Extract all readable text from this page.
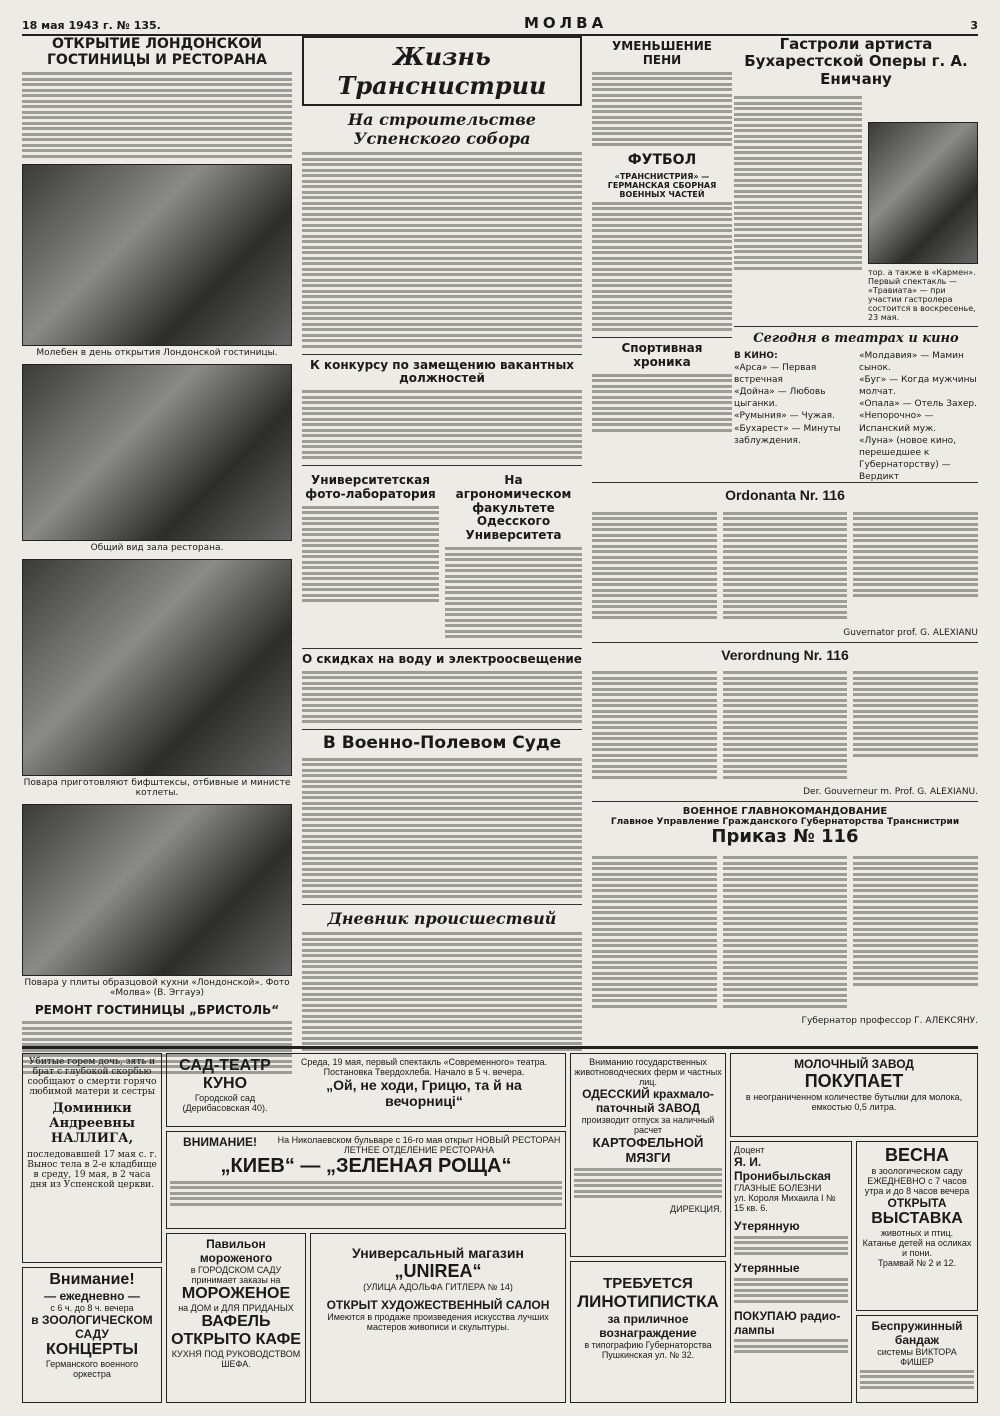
18 мая 1943 г. № 135.	МОЛВА	3
ОТКРЫТИЕ ЛОНДОНСКОЙ ГОСТИНИЦЫ И РЕСТОРАНА
Молебен в день открытия Лондонской гостиницы.
Общий вид зала ресторана.
Повара приготовляют бифштексы, отбивные и министе котлеты.
Повара у плиты образцовой кухни «Лондонской». Фото «Молва» (В. Эггауэ)
РЕМОНТ ГОСТИНИЦЫ „БРИСТОЛЬ“
Жизнь Транснистрии
На строительстве Успенского собора
К конкурсу по замещению вакантных должностей
Университетская фото-лаборатория
На агрономическом факультете Одесского Университета
О скидках на воду и электроосвещение
В Военно-Полевом Суде
Дневник происшествий
УМЕНЬШЕНИЕ ПЕНИ
ФУТБОЛ
«ТРАНСНИСТРИЯ» — ГЕРМАНСКАЯ СБОРНАЯ ВОЕННЫХ ЧАСТЕЙ
Спортивная хроника
Гастроли артиста Бухарестской Оперы г. А. Еничану
тор. а также в «Кармен». Первый спектакль — «Травиата» — при участии гастролера состоится в воскресенье, 23 мая.
Сегодня в театрах и кино
В КИНО:
«Арса» — Первая встречная
«Дойна» — Любовь цыганки.
«Румыния» — Чужая.
«Бухарест» — Минуты заблуждения.
«Молдавия» — Мамин сынок.
«Буг» — Когда мужчины молчат.
«Опала» — Отель Захер.
«Непорочно» — Испанский муж.
«Луна» (новое кино, перешедшее к Губернаторству) — Вердикт
Ordonanta Nr. 116
Guvernator prof. G. ALEXIANU
Verordnung Nr. 116
Der. Gouverneur m. Prof. G. ALEXIANU.
ВОЕННОЕ ГЛАВНОКОМАНДОВАНИЕ
Главное Управление Гражданского Губернаторства Транснистрии
Приказ № 116
Губернатор профессор Г. АЛЕКСЯНУ.
Убитые горем дочь, зять и брат с глубокой скорбью сообщают о смерти горячо любимой матери и сестры
Доминики Андреевны НАЛЛИГА,
последовавшей 17 мая с. г. Вынос тела в 2-е кладбище в среду, 19 мая, в 2 часа дня из Успенской церкви.
Внимание!
— ежедневно —
с 6 ч. до 8 ч. вечера
в ЗООЛОГИЧЕСКОМ САДУ
КОНЦЕРТЫ
Германского военного оркестра
САД-ТЕАТР КУНО
Городской сад (Дерибасовская 40).
Среда, 19 мая, первый спектакль «Современного» театра. Постановка Твердохлеба. Начало в 5 ч. вечера.
„Ой, не ходи, Грицю, та й на вечорниці“
ВНИМАНИЕ!	На Николаевском бульваре с 16-го мая открыт НОВЫЙ РЕСТОРАН ЛЕТНЕЕ ОТДЕЛЕНИЕ РЕСТОРАНА
„КИЕВ“ — „ЗЕЛЕНАЯ РОЩА“
Павильон мороженого
в ГОРОДСКОМ САДУ принимает заказы на
МОРОЖЕНОЕ
на ДОМ и ДЛЯ ПРИДАНЫХ
ВАФЕЛЬ
ОТКРЫТО КАФЕ
КУХНЯ ПОД РУКОВОДСТВОМ ШЕФА.
Универсальный магазин
„UNIREA“
(УЛИЦА АДОЛЬФА ГИТЛЕРА № 14)
ОТКРЫТ ХУДОЖЕСТВЕННЫЙ САЛОН
Имеются в продаже произведения искусства лучших мастеров живописи и скульптуры.
Вниманию государственных животноводческих ферм и частных лиц.
ОДЕССКИЙ крахмало-паточный ЗАВОД
производит отпуск за наличный расчет
КАРТОФЕЛЬНОЙ МЯЗГИ
ДИРЕКЦИЯ.
ТРЕБУЕТСЯ
ЛИНОТИПИСТКА
за приличное вознаграждение
в типографию Губернаторства Пушкинская ул. № 32.
МОЛОЧНЫЙ ЗАВОД
ПОКУПАЕТ
в неограниченном количестве бутылки для молока, емкостью 0,5 литра.
Доцент
Я. И. Пронибыльская
ГЛАЗНЫЕ БОЛЕЗНИ
ул. Короля Михаила I № 15 кв. 6.
Утерянную
Утерянные
ПОКУПАЮ радио-лампы
ВЕСНА
в зоологическом саду ЕЖЕДНЕВНО с 7 часов утра и до 8 часов вечера
ОТКРЫТА
ВЫСТАВКА
животных и птиц.
Катанье детей на осликах и пони.
Трамвай № 2 и 12.
Беспружинный бандаж
системы ВИКТОРА ФИШЕР
